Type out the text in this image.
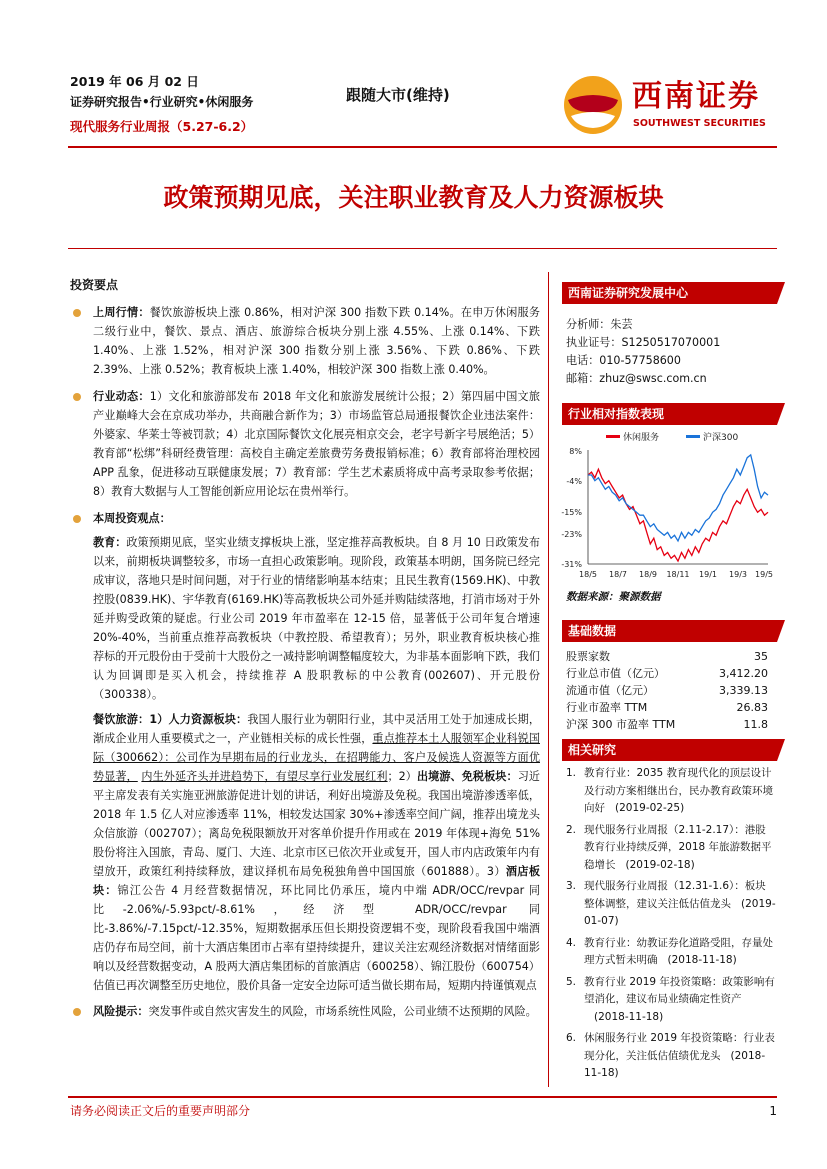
2019 年 06 月 02 日
证券研究报告•行业研究•休闲服务
现代服务行业周报（5.27-6.2）
跟随大市(维持)	西南证券
SOUTHWEST SECURITIES
政策预期见底，关注职业教育及人力资源板块

投资要点

上周行情：餐饮旅游板块上涨 0.86%，相对沪深 300 指数下跌 0.14%。在申万休闲服务二级行业中，餐饮、景点、酒店、旅游综合板块分别上涨 4.55%、上涨 0.14%、下跌 1.40%、上涨 1.52%，相对沪深 300 指数分别上涨 3.56%、下跌 0.86%、下跌 2.39%、上涨 0.52%；教育板块上涨 1.40%，相较沪深 300 指数上涨 0.40%。

行业动态：1）文化和旅游部发布 2018 年文化和旅游发展统计公报；2）第四届中国文旅产业巅峰大会在京成功举办，共商融合新作为；3）市场监管总局通报餐饮企业违法案件：外婆家、华莱士等被罚款；4）北京国际餐饮文化展亮相京交会，老字号新字号展绝活；5）教育部“松绑”科研经费管理：高校自主确定差旅费劳务费报销标准；6）教育部将治理校园 APP 乱象，促进移动互联健康发展；7）教育部：学生艺术素质将成中高考录取参考依据；8）教育大数据与人工智能创新应用论坛在贵州举行。

本周投资观点：

教育：政策预期见底，坚实业绩支撑板块上涨，坚定推荐高教板块。自 8 月 10 日政策发布以来，前期板块调整较多，市场一直担心政策影响。现阶段，政策基本明朗，国务院已经完成审议，落地只是时间问题，对于行业的情绪影响基本结束；且民生教育(1569.HK)、中教控股(0839.HK)、宇华教育(6169.HK)等高教板块公司外延并购陆续落地，打消市场对于外延并购受政策的疑虑。行业公司 2019 年市盈率在 12-15 倍，显著低于公司年复合增速 20%-40%，当前重点推荐高教板块（中教控股、希望教育）；另外，职业教育板块核心推荐标的开元股份由于受前十大股份之一减持影响调整幅度较大，为非基本面影响下跌，我们认为回调即是买入机会，持续推荐 A 股职教标的中公教育(002607)、开元股份（300338）。

餐饮旅游：1）人力资源板块：我国人服行业为朝阳行业，其中灵活用工处于加速成长期，渐成企业用人重要模式之一，产业链相关标的成长性强，重点推荐本土人服领军企业科锐国际（300662）：公司作为早期布局的行业龙头，在招聘能力、客户及候选人资源等方面优势显著， 内生外延齐头并进趋势下，有望尽享行业发展红利；2）出境游、免税板块：习近平主席发表有关实施亚洲旅游促进计划的讲话，利好出境游及免税。我国出境游渗透率低，2018 年 1.5 亿人对应渗透率 11%，相较发达国家 30%+渗透率空间广阔，推荐出境龙头众信旅游（002707）；离岛免税限额放开对客单价提升作用或在 2019 年体现+海免 51%股份将注入国旅，青岛、厦门、大连、北京市区已依次开业或复开，国人市内店政策年内有望放开，政策红利持续释放，建议择机布局免税独角兽中国国旅（601888）。3）酒店板块：锦江公告 4 月经营数据情况，环比同比仍承压，境内中端 ADR/OCC/revpar 同比-2.06%/-5.93pct/-8.61%，经济型 ADR/OCC/revpar 同比-3.86%/-7.15pct/-12.35%，短期数据承压但长期投资逻辑不变，现阶段看我国中端酒店仍存布局空间，前十大酒店集团市占率有望持续提升，建议关注宏观经济数据对情绪面影响以及经营数据变动，A 股两大酒店集团标的首旅酒店（600258）、锦江股份（600754）估值已再次调整至历史地位，股价具备一定安全边际可适当做长期布局，短期内持谨慎观点

风险提示：突发事件或自然灾害发生的风险，市场系统性风险，公司业绩不达预期的风险。

西南证券研究发展中心
分析师：朱芸
执业证号：S1250517070001
电话：010-57758600
邮箱：zhuz@swsc.com.cn
行业相对指数表现
休闲服务	沪深300
8%
-4%
-15%
-23%
-31%
18/5 18/7 18/9 18/11 19/1 19/3 19/5
数据来源：聚源数据
基础数据
股票家数	35
行业总市值（亿元）	3,412.20
流通市值（亿元）	3,339.13
行业市盈率 TTM	26.83
沪深 300 市盈率 TTM	11.8
相关研究
1. 教育行业：2035 教育现代化的顶层设计及行动方案相继出台，民办教育政策环境向好 (2019-02-25)
2. 现代服务行业周报（2.11-2.17）：港股教育行业持续反弹，2018 年旅游数据平稳增长 (2019-02-18)
3. 现代服务行业周报（12.31-1.6）：板块整体调整，建议关注低估值龙头 (2019-01-07)
4. 教育行业：幼教证券化道路受阻，存量处理方式暂未明确 (2018-11-18)
5. 教育行业 2019 年投资策略：政策影响有望消化，建议布局业绩确定性资产(2018-11-18)
6. 休闲服务行业 2019 年投资策略：行业表现分化，关注低估值绩优龙头 (2018-11-18)
请务必阅读正文后的重要声明部分	1
